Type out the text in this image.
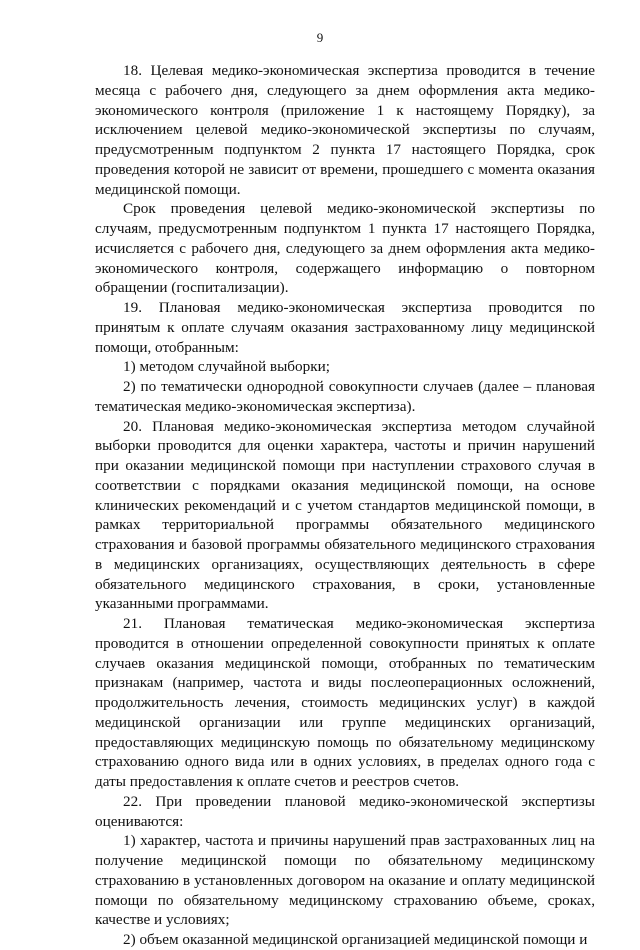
9

18. Целевая медико-экономическая экспертиза проводится в течение месяца с рабочего дня, следующего за днем оформления акта медико-экономического контроля (приложение 1 к настоящему Порядку), за исключением целевой медико-экономической экспертизы по случаям, предусмотренным подпунктом 2 пункта 17 настоящего Порядка, срок проведения которой не зависит от времени, прошедшего с момента оказания медицинской помощи.

Срок проведения целевой медико-экономической экспертизы по случаям, предусмотренным подпунктом 1 пункта 17 настоящего Порядка, исчисляется с рабочего дня, следующего за днем оформления акта медико-экономического контроля, содержащего информацию о повторном обращении (госпитализации).

19. Плановая медико-экономическая экспертиза проводится по принятым к оплате случаям оказания застрахованному лицу медицинской помощи, отобранным:

1) методом случайной выборки;

2) по тематически однородной совокупности случаев (далее – плановая тематическая медико-экономическая экспертиза).

20. Плановая медико-экономическая экспертиза методом случайной выборки проводится для оценки характера, частоты и причин нарушений при оказании медицинской помощи при наступлении страхового случая в соответствии с порядками оказания медицинской помощи, на основе клинических рекомендаций и с учетом стандартов медицинской помощи, в рамках территориальной программы обязательного медицинского страхования и базовой программы обязательного медицинского страхования в медицинских организациях, осуществляющих деятельность в сфере обязательного медицинского страхования, в сроки, установленные указанными программами.

21. Плановая тематическая медико-экономическая экспертиза проводится в отношении определенной совокупности принятых к оплате случаев оказания медицинской помощи, отобранных по тематическим признакам (например, частота и виды послеоперационных осложнений, продолжительность лечения, стоимость медицинских услуг) в каждой медицинской организации или группе медицинских организаций, предоставляющих медицинскую помощь по обязательному медицинскому страхованию одного вида или в одних условиях, в пределах одного года с даты предоставления к оплате счетов и реестров счетов.

22. При проведении плановой медико-экономической экспертизы оцениваются:

1) характер, частота и причины нарушений прав застрахованных лиц на получение медицинской помощи по обязательному медицинскому страхованию в установленных договором на оказание и оплату медицинской помощи по обязательному медицинскому страхованию объеме, сроках, качестве и условиях;

2) объем оказанной медицинской организацией медицинской помощи и
